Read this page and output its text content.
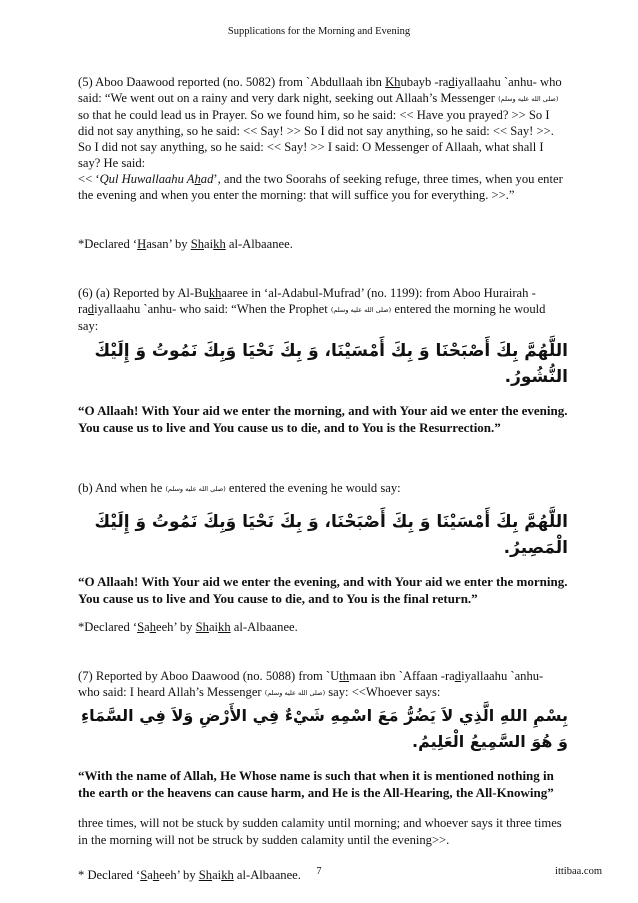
Supplications for the Morning and Evening

(5) Aboo Daawood reported (no. 5082) from `Abdullaah ibn Khubayb -radiyallaahu `anhu- who said: “We went out on a rainy and very dark night, seeking out Allaah’s Messenger (صلى الله عليه وسلم) so that he could lead us in Prayer. So we found him, so he said: << Have you prayed? >> So I did not say anything, so he said: << Say! >> So I did not say anything, so he said: << Say! >>. So I did not say anything, so he said: << Say! >> I said: O Messenger of Allaah, what shall I say? He said:
<< ‘Qul Huwallaahu Ahad’, and the two Soorahs of seeking refuge, three times, when you enter the evening and when you enter the morning: that will suffice you for everything. >>.”

*Declared ‘Hasan’ by Shaikh al-Albaanee.

(6) (a) Reported by Al-Bukhaaree in ‘al-Adabul-Mufrad’ (no. 1199): from Aboo Hurairah - radiyallaahu `anhu- who said: “When the Prophet (صلى الله عليه وسلم) entered the morning he would say:

اللَّهُمَّ بِكَ أَصْبَحْنَا وَ بِكَ أَمْسَيْنَا، وَ بِكَ نَحْيَا وَبِكَ نَمُوتُ وَ إِلَيْكَ النُّشُورُ.

“O Allaah! With Your aid we enter the morning, and with Your aid we enter the evening. You cause us to live and You cause us to die, and to You is the Resurrection.”

(b) And when he (صلى الله عليه وسلم) entered the evening he would say:

اللَّهُمَّ بِكَ أَمْسَيْنَا وَ بِكَ أَصْبَحْنَا، وَ بِكَ نَحْيَا وَبِكَ نَمُوتُ وَ إِلَيْكَ الْمَصِيرُ.

“O Allaah! With Your aid we enter the evening, and with Your aid we enter the morning. You cause us to live and You cause to die, and to You is the final return.”

*Declared ‘Saheeh’ by Shaikh al-Albaanee.

(7) Reported by Aboo Daawood (no. 5088) from `Uthmaan ibn `Affaan -radiyallaahu `anhu- who said: I heard Allah’s Messenger (صلى الله عليه وسلم) say: <<Whoever says:

بِسْمِ اللهِ الَّذِي لاَ يَضُرُّ مَعَ اسْمِهِ شَيْءٌ فِي الأَرْضِ وَلاَ فِي السَّمَاءِ وَ هُوَ السَّمِيعُ الْعَلِيمُ.

“With the name of Allah, He Whose name is such that when it is mentioned nothing in the earth or the heavens can cause harm, and He is the All-Hearing, the All-Knowing”

three times, will not be stuck by sudden calamity until morning; and whoever says it three times in the morning will not be struck by sudden calamity until the evening>>.

* Declared ‘Saheeh’ by Shaikh al-Albaanee.	7	ittibaa.com
